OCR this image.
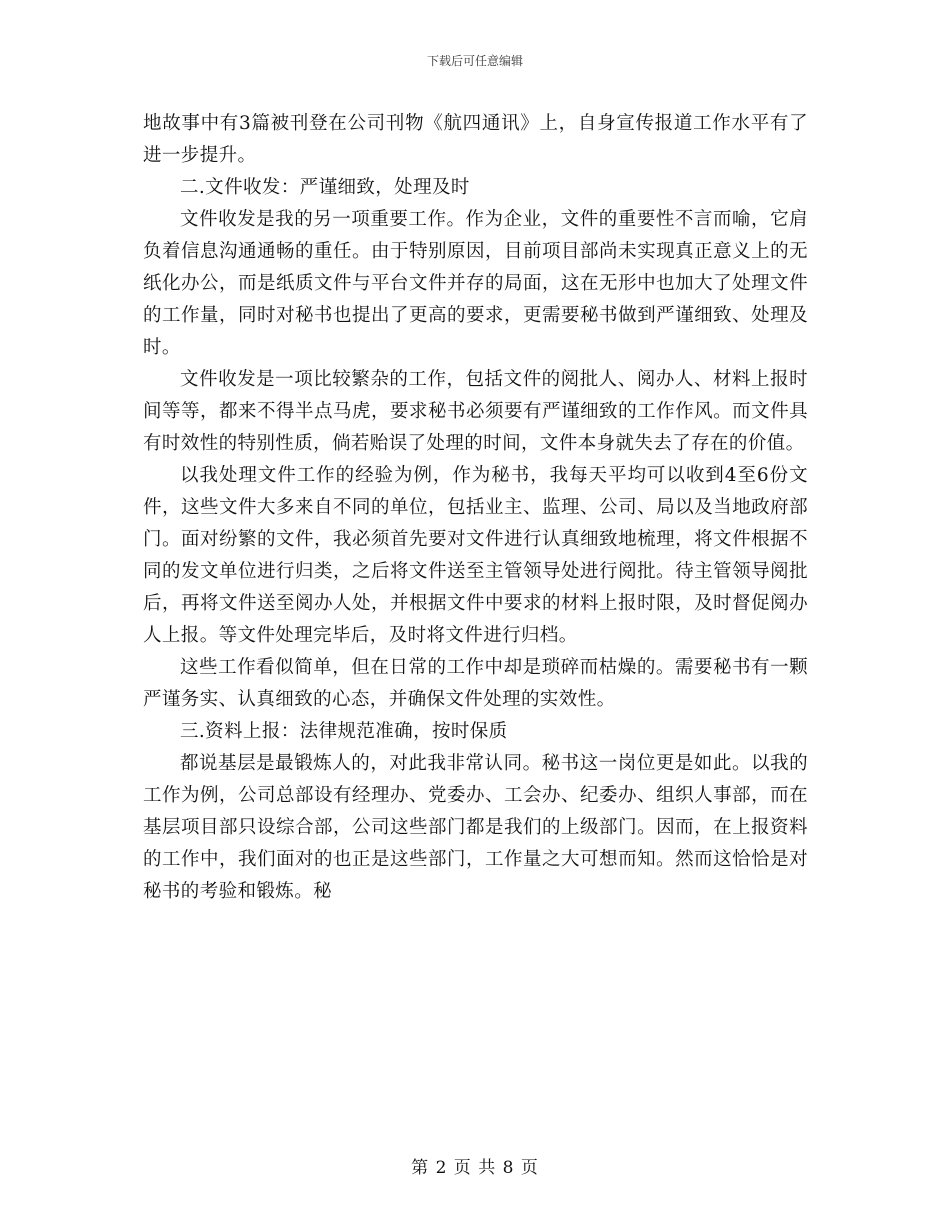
下载后可任意编辑

地故事中有3篇被刊登在公司刊物《航四通讯》上，自身宣传报道工作水平有了进一步提升。

二.文件收发：严谨细致，处理及时

文件收发是我的另一项重要工作。作为企业，文件的重要性不言而喻，它肩负着信息沟通通畅的重任。由于特别原因，目前项目部尚未实现真正意义上的无纸化办公，而是纸质文件与平台文件并存的局面，这在无形中也加大了处理文件的工作量，同时对秘书也提出了更高的要求，更需要秘书做到严谨细致、处理及时。

文件收发是一项比较繁杂的工作，包括文件的阅批人、阅办人、材料上报时间等等，都来不得半点马虎，要求秘书必须要有严谨细致的工作作风。而文件具有时效性的特别性质，倘若贻误了处理的时间，文件本身就失去了存在的价值。

以我处理文件工作的经验为例，作为秘书，我每天平均可以收到4至6份文件，这些文件大多来自不同的单位，包括业主、监理、公司、局以及当地政府部门。面对纷繁的文件，我必须首先要对文件进行认真细致地梳理，将文件根据不同的发文单位进行归类，之后将文件送至主管领导处进行阅批。待主管领导阅批后，再将文件送至阅办人处，并根据文件中要求的材料上报时限，及时督促阅办人上报。等文件处理完毕后，及时将文件进行归档。

这些工作看似简单，但在日常的工作中却是琐碎而枯燥的。需要秘书有一颗严谨务实、认真细致的心态，并确保文件处理的实效性。

三.资料上报：法律规范准确，按时保质

都说基层是最锻炼人的，对此我非常认同。秘书这一岗位更是如此。以我的工作为例，公司总部设有经理办、党委办、工会办、纪委办、组织人事部，而在基层项目部只设综合部，公司这些部门都是我们的上级部门。因而，在上报资料的工作中，我们面对的也正是这些部门，工作量之大可想而知。然而这恰恰是对秘书的考验和锻炼。秘

第 2 页 共 8 页
